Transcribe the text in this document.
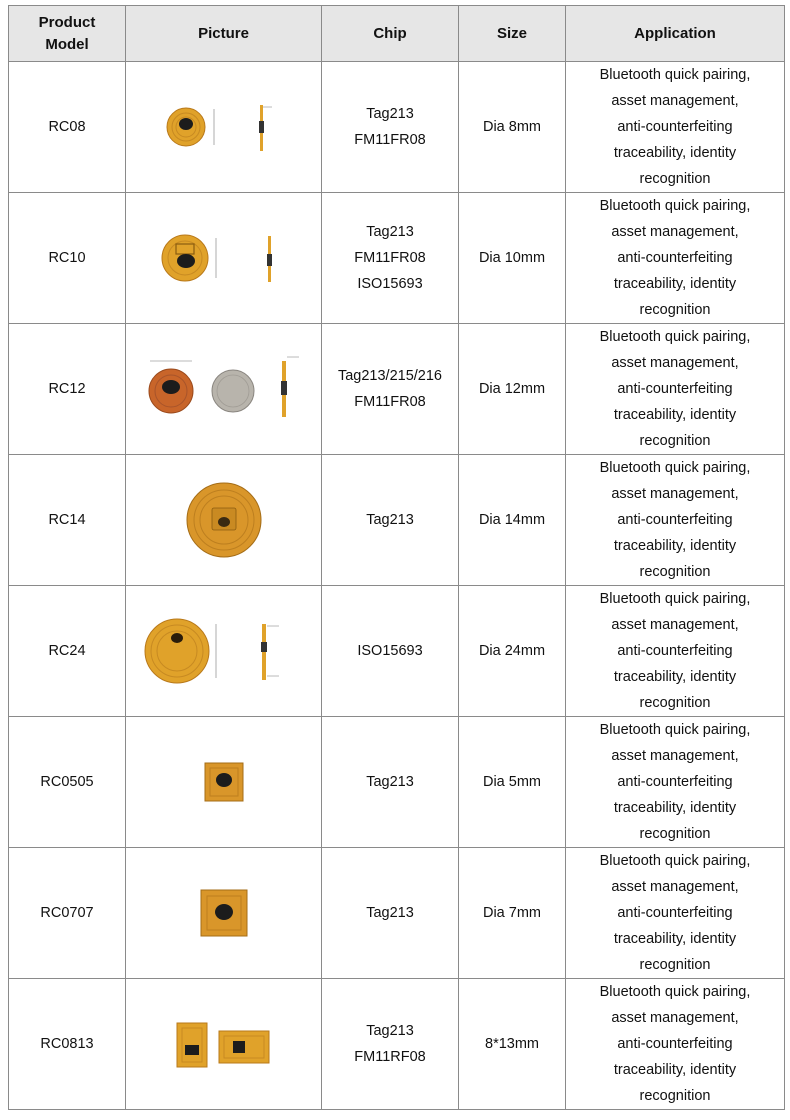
Product
Model	Picture	Chip	Size	Application
RC08		Tag213
FM11FR08	Dia 8mm	Bluetooth quick pairing,
asset management,
anti-counterfeiting
traceability, identity
recognition

RC10		Tag213
FM11FR08
ISO15693	Dia 10mm	Bluetooth quick pairing,
asset management,
anti-counterfeiting
traceability, identity
recognition

RC12		Tag213/215/216
FM11FR08	Dia 12mm	Bluetooth quick pairing,
asset management,
anti-counterfeiting
traceability, identity
recognition

RC14		Tag213	Dia 14mm	Bluetooth quick pairing,
asset management,
anti-counterfeiting
traceability, identity
recognition

RC24		ISO15693	Dia 24mm	Bluetooth quick pairing,
asset management,
anti-counterfeiting
traceability, identity
recognition

RC0505		Tag213	Dia 5mm	Bluetooth quick pairing,
asset management,
anti-counterfeiting
traceability, identity
recognition

RC0707		Tag213	Dia 7mm	Bluetooth quick pairing,
asset management,
anti-counterfeiting
traceability, identity
recognition

RC0813		Tag213
FM11RF08	8*13mm	Bluetooth quick pairing,
asset management,
anti-counterfeiting
traceability, identity
recognition
